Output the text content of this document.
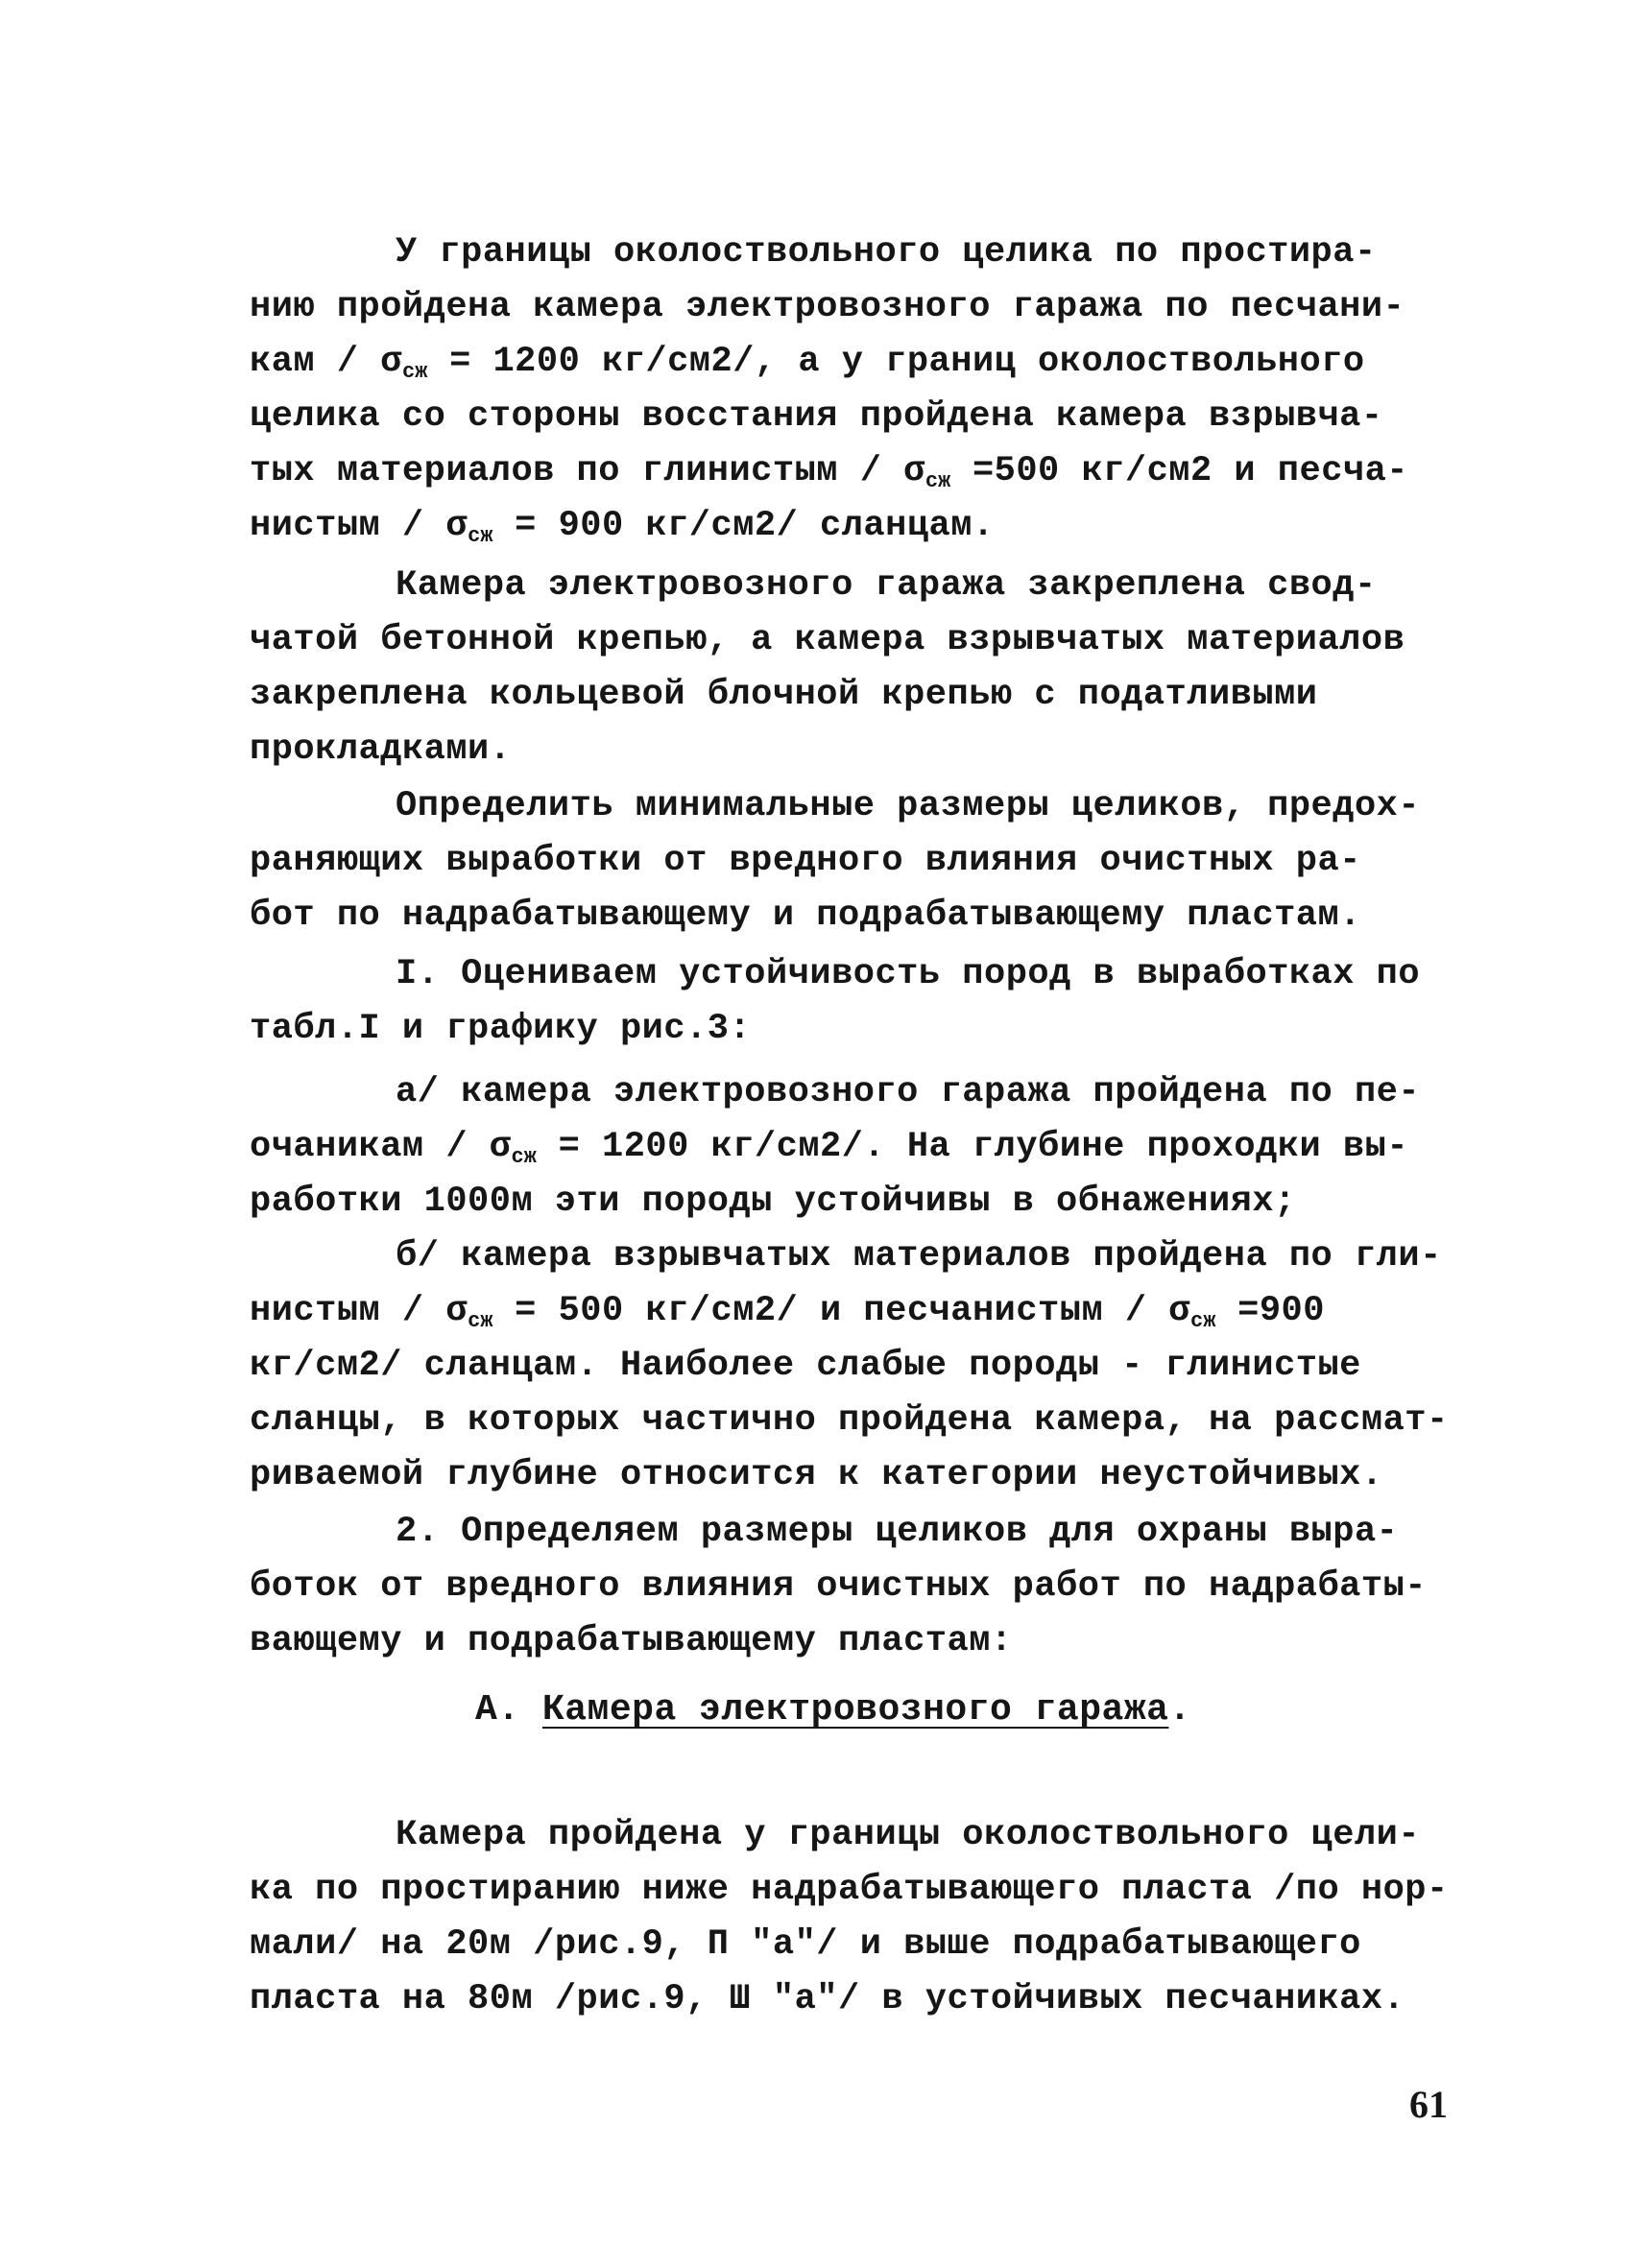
У границы околоствольного целика по простира-
нию пройдена камера электровозного гаража по песчани-
кам / $\sigma_{сж} = 1200$ кг/см2/, а у границ околоствольного
целика со стороны восстания пройдена камера взрывча-
тых материалов по глинистым / $\sigma_{сж} =500$ кг/см2 и песча-
нистым / $\sigma_{сж} = 900$ кг/см2/ сланцам.
Камера электровозного гаража закреплена свод-
чатой бетонной крепью, а камера взрывчатых материалов
закреплена кольцевой блочной крепью с податливыми
прокладками.
Определить минимальные размеры целиков, предох-
раняющих выработки от вредного влияния очистных ра-
бот по надрабатывающему и подрабатывающему пластам.
I. Оцениваем устойчивость пород в выработках по
табл.I и графику рис.3:
а/ камера электровозного гаража пройдена по пе-
очаникам / $\sigma_{сж} = 1200$ кг/см2/. На глубине проходки вы-
работки 1000м эти породы устойчивы в обнажениях;
б/ камера взрывчатых материалов пройдена по гли-
нистым / $\sigma_{сж} = 500$ кг/см2/ и песчанистым / $\sigma_{сж} =900$
кг/см2/ сланцам. Наиболее слабые породы - глинистые
сланцы, в которых частично пройдена камера, на рассмат-
риваемой глубине относится к категории неустойчивых.
2. Определяем размеры целиков для охраны выра-
боток от вредного влияния очистных работ по надрабаты-
вающему и подрабатывающему пластам:
А. Камера электровозного гаража.
Камера пройдена у границы околоствольного цели-
ка по простиранию ниже надрабатывающего пласта /по нор-
мали/ на 20м /рис.9, П "а"/ и выше подрабатывающего
пласта на 80м /рис.9, Ш "а"/ в устойчивых песчаниках.
61
